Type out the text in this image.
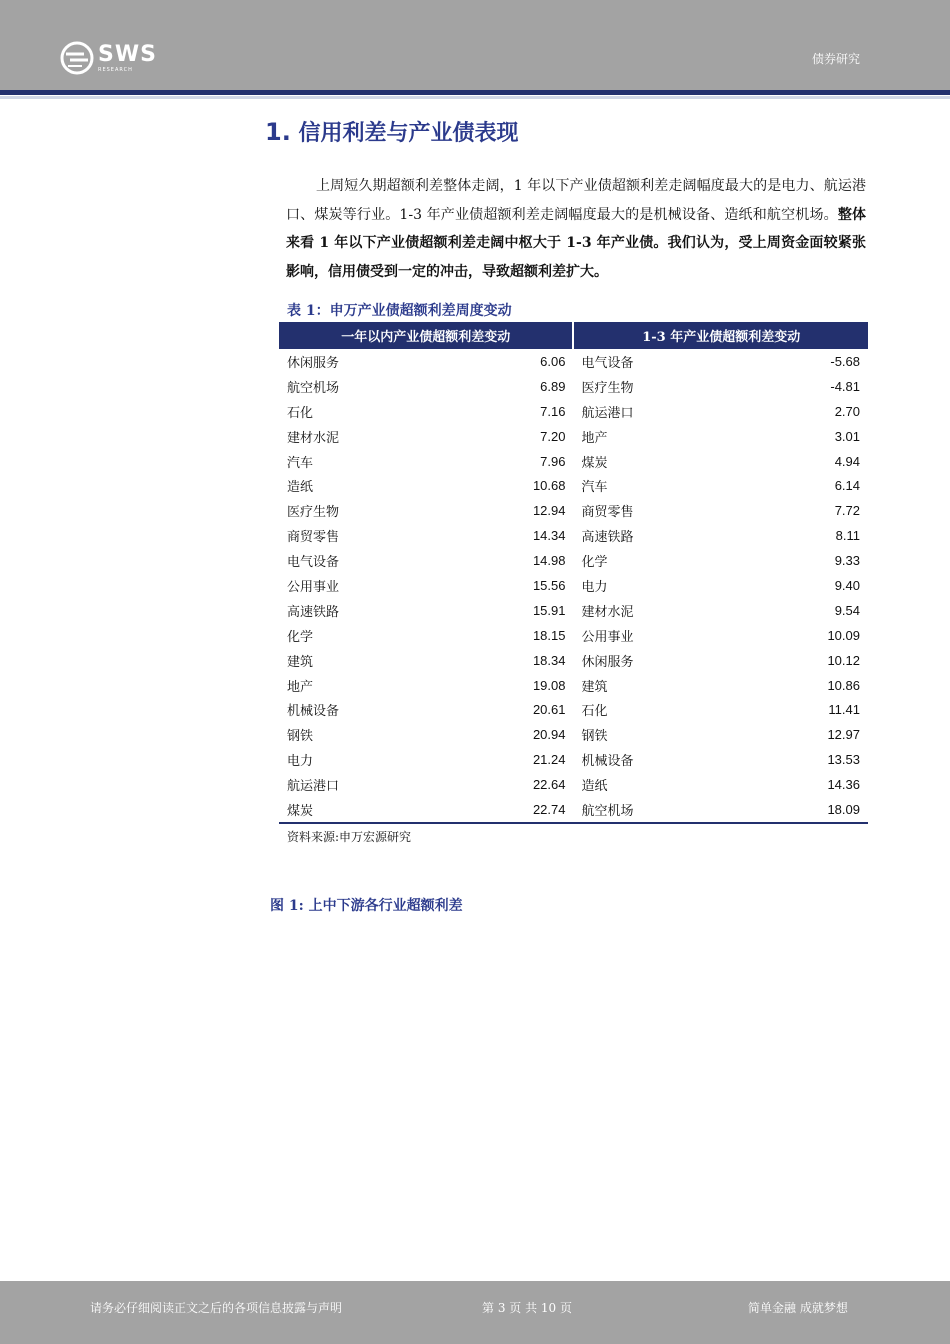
SWS
RESEARCH
债券研究
1. 信用利差与产业债表现
上周短久期超额利差整体走阔，1 年以下产业债超额利差走阔幅度最大的是电力、航运港口、煤炭等行业。1-3 年产业债超额利差走阔幅度最大的是机械设备、造纸和航空机场。整体来看 1 年以下产业债超额利差走阔中枢大于 1-3 年产业债。我们认为，受上周资金面较紧张影响，信用债受到一定的冲击，导致超额利差扩大。
表 1：申万产业债超额利差周度变动
一年以内产业债超额利差变动		1-3 年产业债超额利差变动	
休闲服务	6.06	电气设备	-5.68
航空机场	6.89	医疗生物	-4.81
石化	7.16	航运港口	2.70
建材水泥	7.20	地产	3.01
汽车	7.96	煤炭	4.94
造纸	10.68	汽车	6.14
医疗生物	12.94	商贸零售	7.72
商贸零售	14.34	高速铁路	8.11
电气设备	14.98	化学	9.33
公用事业	15.56	电力	9.40
高速铁路	15.91	建材水泥	9.54
化学	18.15	公用事业	10.09
建筑	18.34	休闲服务	10.12
地产	19.08	建筑	10.86
机械设备	20.61	石化	11.41
钢铁	20.94	钢铁	12.97
电力	21.24	机械设备	13.53
航运港口	22.64	造纸	14.36
煤炭	22.74	航空机场	18.09
资料来源:申万宏源研究
图 1: 上中下游各行业超额利差
请务必仔细阅读正文之后的各项信息披露与声明	第 3 页 共 10 页	简单金融 成就梦想
